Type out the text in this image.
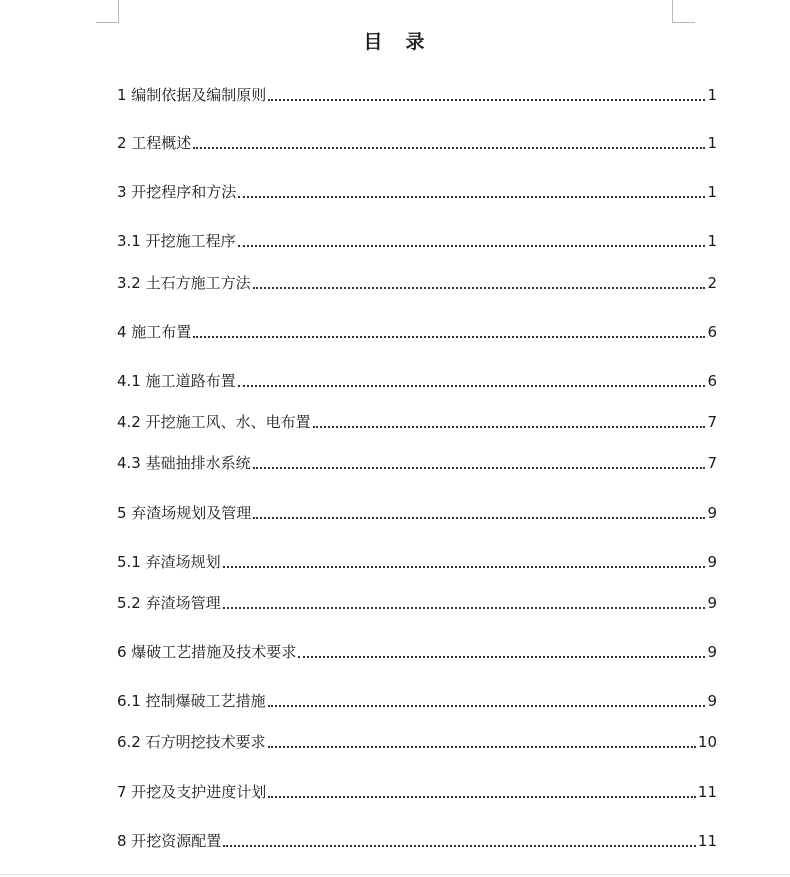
目　录
1 编制依据及编制原则	1
2 工程概述	1
3 开挖程序和方法	1
3.1 开挖施工程序	1
3.2 土石方施工方法	2
4 施工布置	6
4.1 施工道路布置	6
4.2 开挖施工风、水、电布置	7
4.3 基础抽排水系统	7
5 弃渣场规划及管理	9
5.1 弃渣场规划	9
5.2 弃渣场管理	9
6 爆破工艺措施及技术要求	9
6.1 控制爆破工艺措施	9
6.2 石方明挖技术要求	10
7 开挖及支护进度计划	11
8 开挖资源配置	11
